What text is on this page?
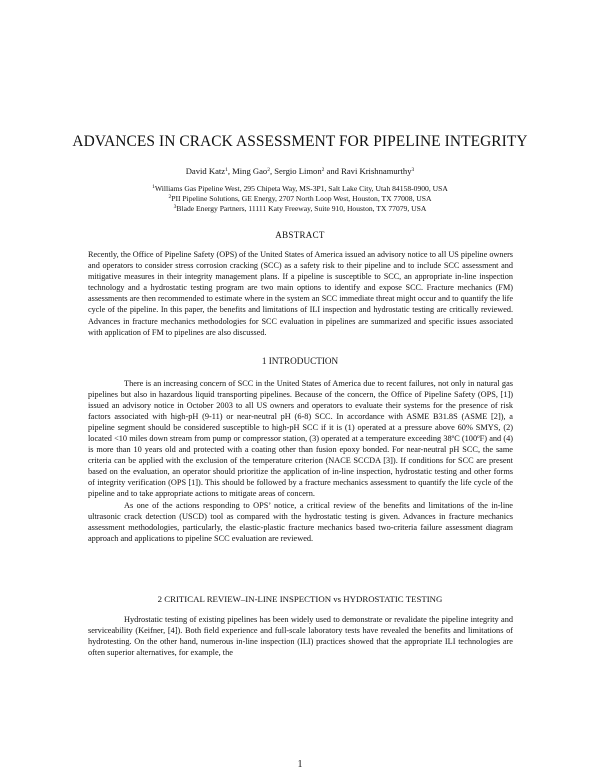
ADVANCES IN CRACK ASSESSMENT FOR PIPELINE INTEGRITY
David Katz$^1$, Ming Gao$^2$, Sergio Limon$^2$ and Ravi Krishnamurthy$^3$
$^1$Williams Gas Pipeline West, 295 Chipeta Way, MS-3P1, Salt Lake City, Utah 84158-0900, USA
$^2$PII Pipeline Solutions, GE Energy, 2707 North Loop West, Houston, TX 77008, USA
$^3$Blade Energy Partners, 11111 Katy Freeway, Suite 910, Houston, TX 77079, USA
ABSTRACT
Recently, the Office of Pipeline Safety (OPS) of the United States of America issued an advisory notice to all US pipeline owners and operators to consider stress corrosion cracking (SCC) as a safety risk to their pipeline and to include SCC assessment and mitigative measures in their integrity management plans. If a pipeline is susceptible to SCC, an appropriate in-line inspection technology and a hydrostatic testing program are two main options to identify and expose SCC. Fracture mechanics (FM) assessments are then recommended to estimate where in the system an SCC immediate threat might occur and to quantify the life cycle of the pipeline. In this paper, the benefits and limitations of ILI inspection and hydrostatic testing are critically reviewed. Advances in fracture mechanics methodologies for SCC evaluation in pipelines are summarized and specific issues associated with application of FM to pipelines are also discussed.
1 INTRODUCTION

There is an increasing concern of SCC in the United States of America due to recent failures, not only in natural gas pipelines but also in hazardous liquid transporting pipelines. Because of the concern, the Office of Pipeline Safety (OPS, [1]) issued an advisory notice in October 2003 to all US owners and operators to evaluate their systems for the presence of risk factors associated with high-pH (9-11) or near-neutral pH (6-8) SCC. In accordance with ASME B31.8S (ASME [2]), a pipeline segment should be considered susceptible to high-pH SCC if it is (1) operated at a pressure above 60% SMYS, (2) located <10 miles down stream from pump or compressor station, (3) operated at a temperature exceeding 38ºC (100ºF) and (4) is more than 10 years old and protected with a coating other than fusion epoxy bonded. For near-neutral pH SCC, the same criteria can be applied with the exclusion of the temperature criterion (NACE SCCDA [3]). If conditions for SCC are present based on the evaluation, an operator should prioritize the application of in-line inspection, hydrostatic testing and other forms of integrity verification (OPS [1]). This should be followed by a fracture mechanics assessment to quantify the life cycle of the pipeline and to take appropriate actions to mitigate areas of concern.

As one of the actions responding to OPS’ notice, a critical review of the benefits and limitations of the in-line ultrasonic crack detection (USCD) tool as compared with the hydrostatic testing is given. Advances in fracture mechanics assessment methodologies, particularly, the elastic-plastic fracture mechanics based two-criteria failure assessment diagram approach and applications to pipeline SCC evaluation are reviewed.

2 CRITICAL REVIEW–IN-LINE INSPECTION vs HYDROSTATIC TESTING

Hydrostatic testing of existing pipelines has been widely used to demonstrate or revalidate the pipeline integrity and serviceability (Keifner, [4]). Both field experience and full-scale laboratory tests have revealed the benefits and limitations of hydrotesting. On the other hand, numerous in-line inspection (ILI) practices showed that the appropriate ILI technologies are often superior alternatives, for example, the

1
